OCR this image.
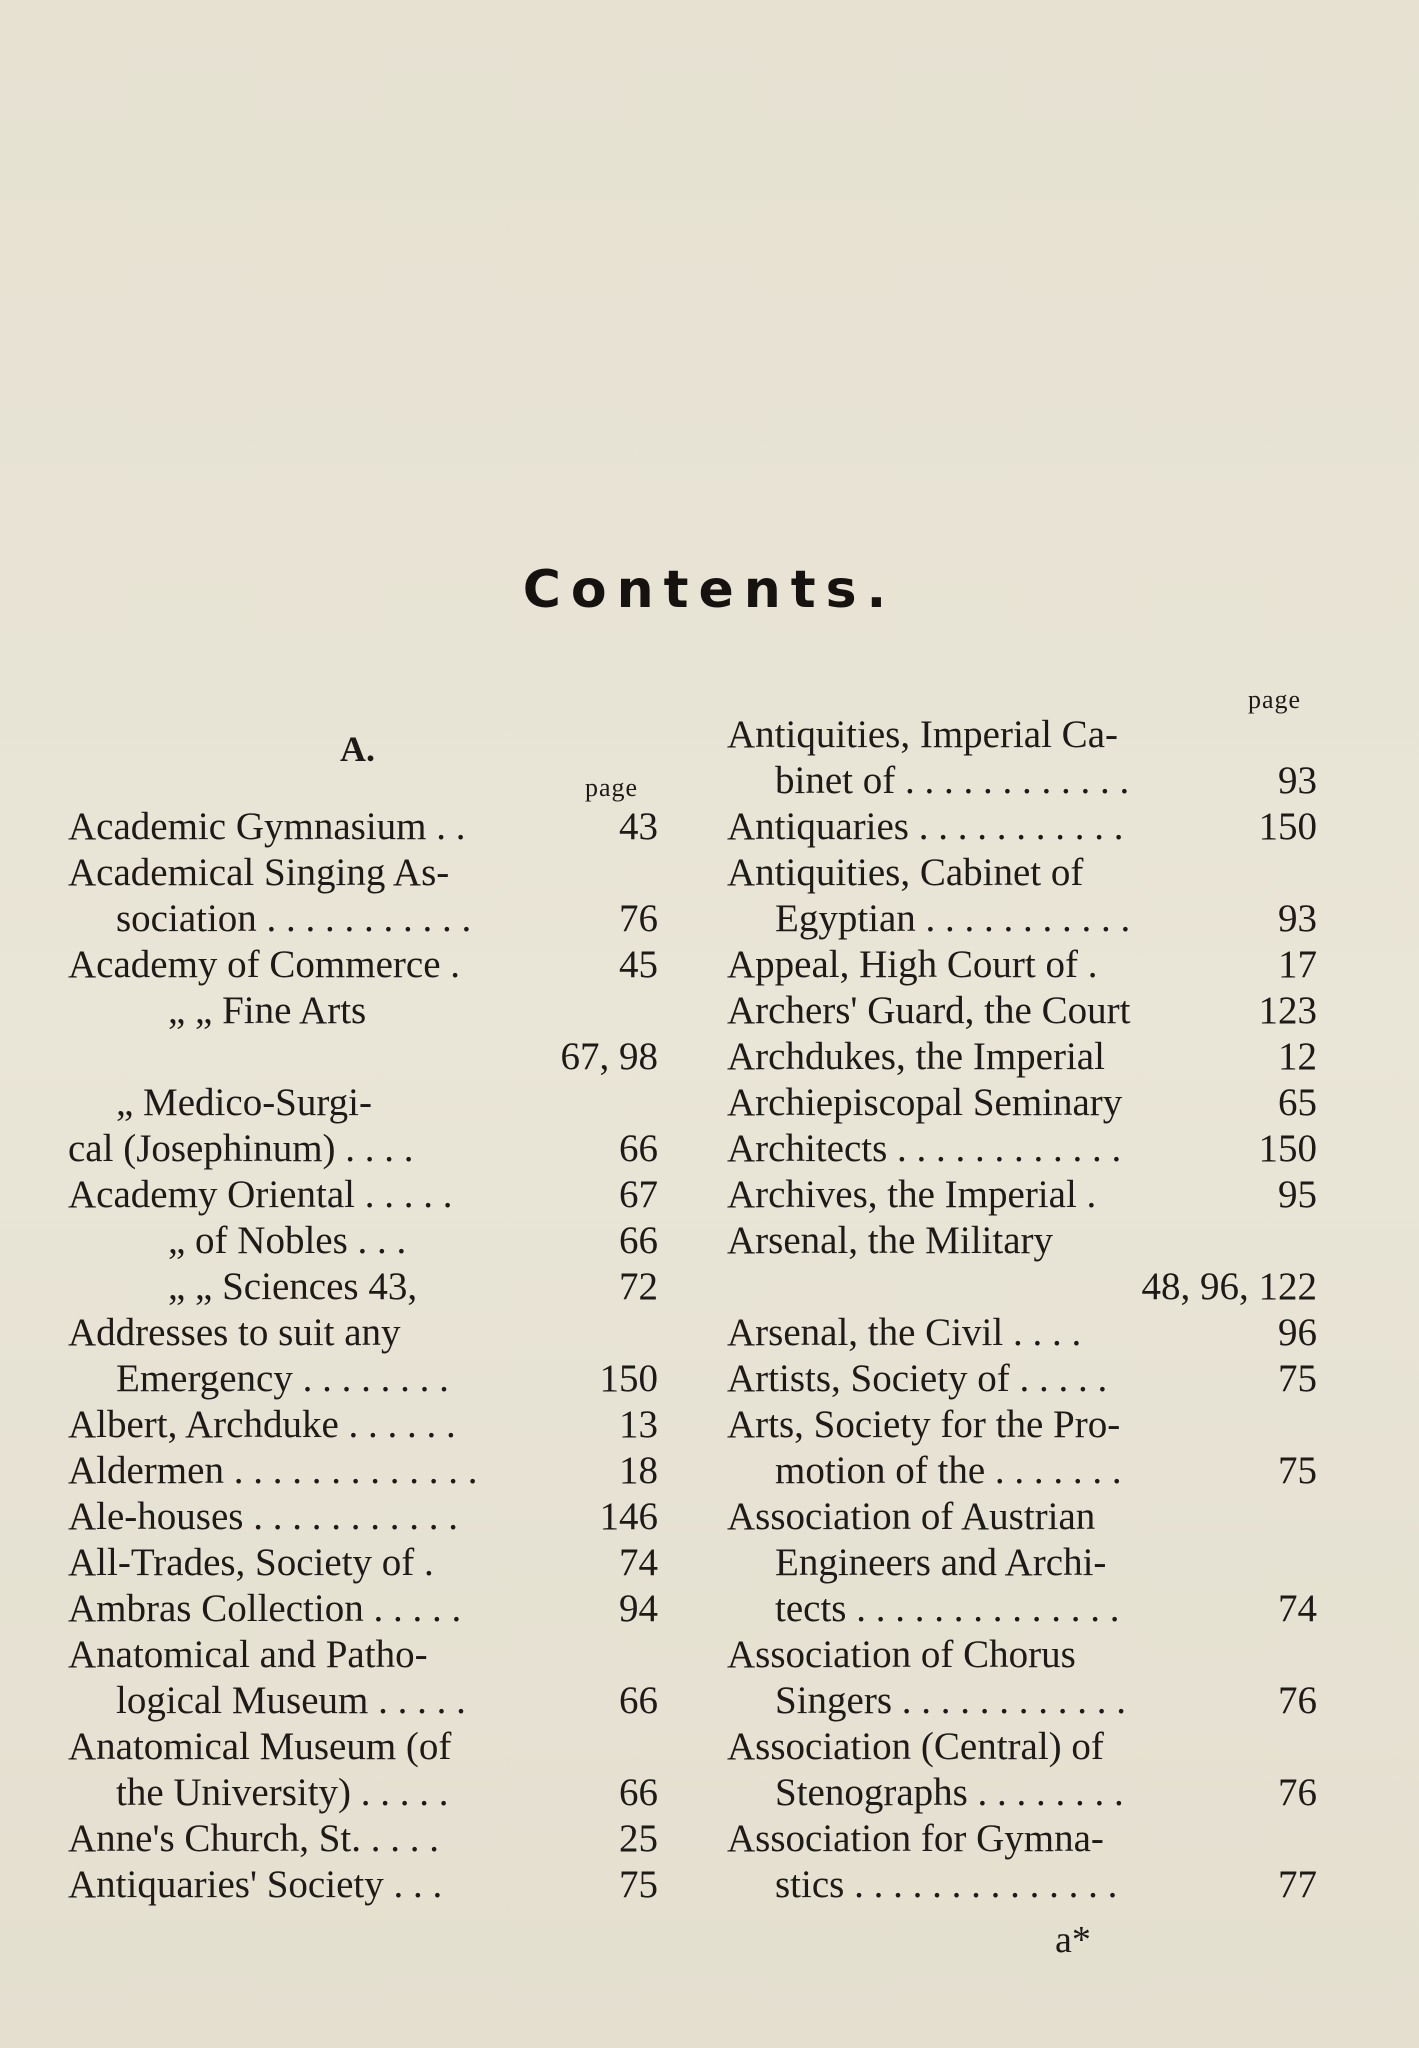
Contents.
A.
page
Academic Gymnasium . .	43
Academical Singing As-
sociation . . . . . . . . . . .	76
Academy of Commerce .	45
„ „ Fine Arts
67, 98
„ Medico-Surgi-
cal (Josephinum) . . . .	66
Academy Oriental . . . . .	67
„ of Nobles . . .	66
„ „ Sciences 43,	72
Addresses to suit any
Emergency . . . . . . . .	150
Albert, Archduke . . . . . .	13
Aldermen . . . . . . . . . . . . .	18
Ale-houses . . . . . . . . . . .	146
All-Trades, Society of .	74
Ambras Collection . . . . .	94
Anatomical and Patho-
logical Museum . . . . .	66
Anatomical Museum (of
the University) . . . . .	66
Anne's Church, St. . . . .	25
Antiquaries' Society . . .	75
page
Antiquities, Imperial Ca-
binet of . . . . . . . . . . . .	93
Antiquaries . . . . . . . . . . .	150
Antiquities, Cabinet of
Egyptian . . . . . . . . . . .	93
Appeal, High Court of .	17
Archers' Guard, the Court	123
Archdukes, the Imperial	12
Archiepiscopal Seminary	65
Architects . . . . . . . . . . . .	150
Archives, the Imperial .	95
Arsenal, the Military
48, 96, 122
Arsenal, the Civil . . . .	96
Artists, Society of . . . . .	75
Arts, Society for the Pro-
motion of the . . . . . . .	75
Association of Austrian
Engineers and Archi-
tects . . . . . . . . . . . . . .	74
Association of Chorus
Singers . . . . . . . . . . . .	76
Association (Central) of
Stenographs . . . . . . . .	76
Association for Gymna-
stics . . . . . . . . . . . . . .	77
a*
